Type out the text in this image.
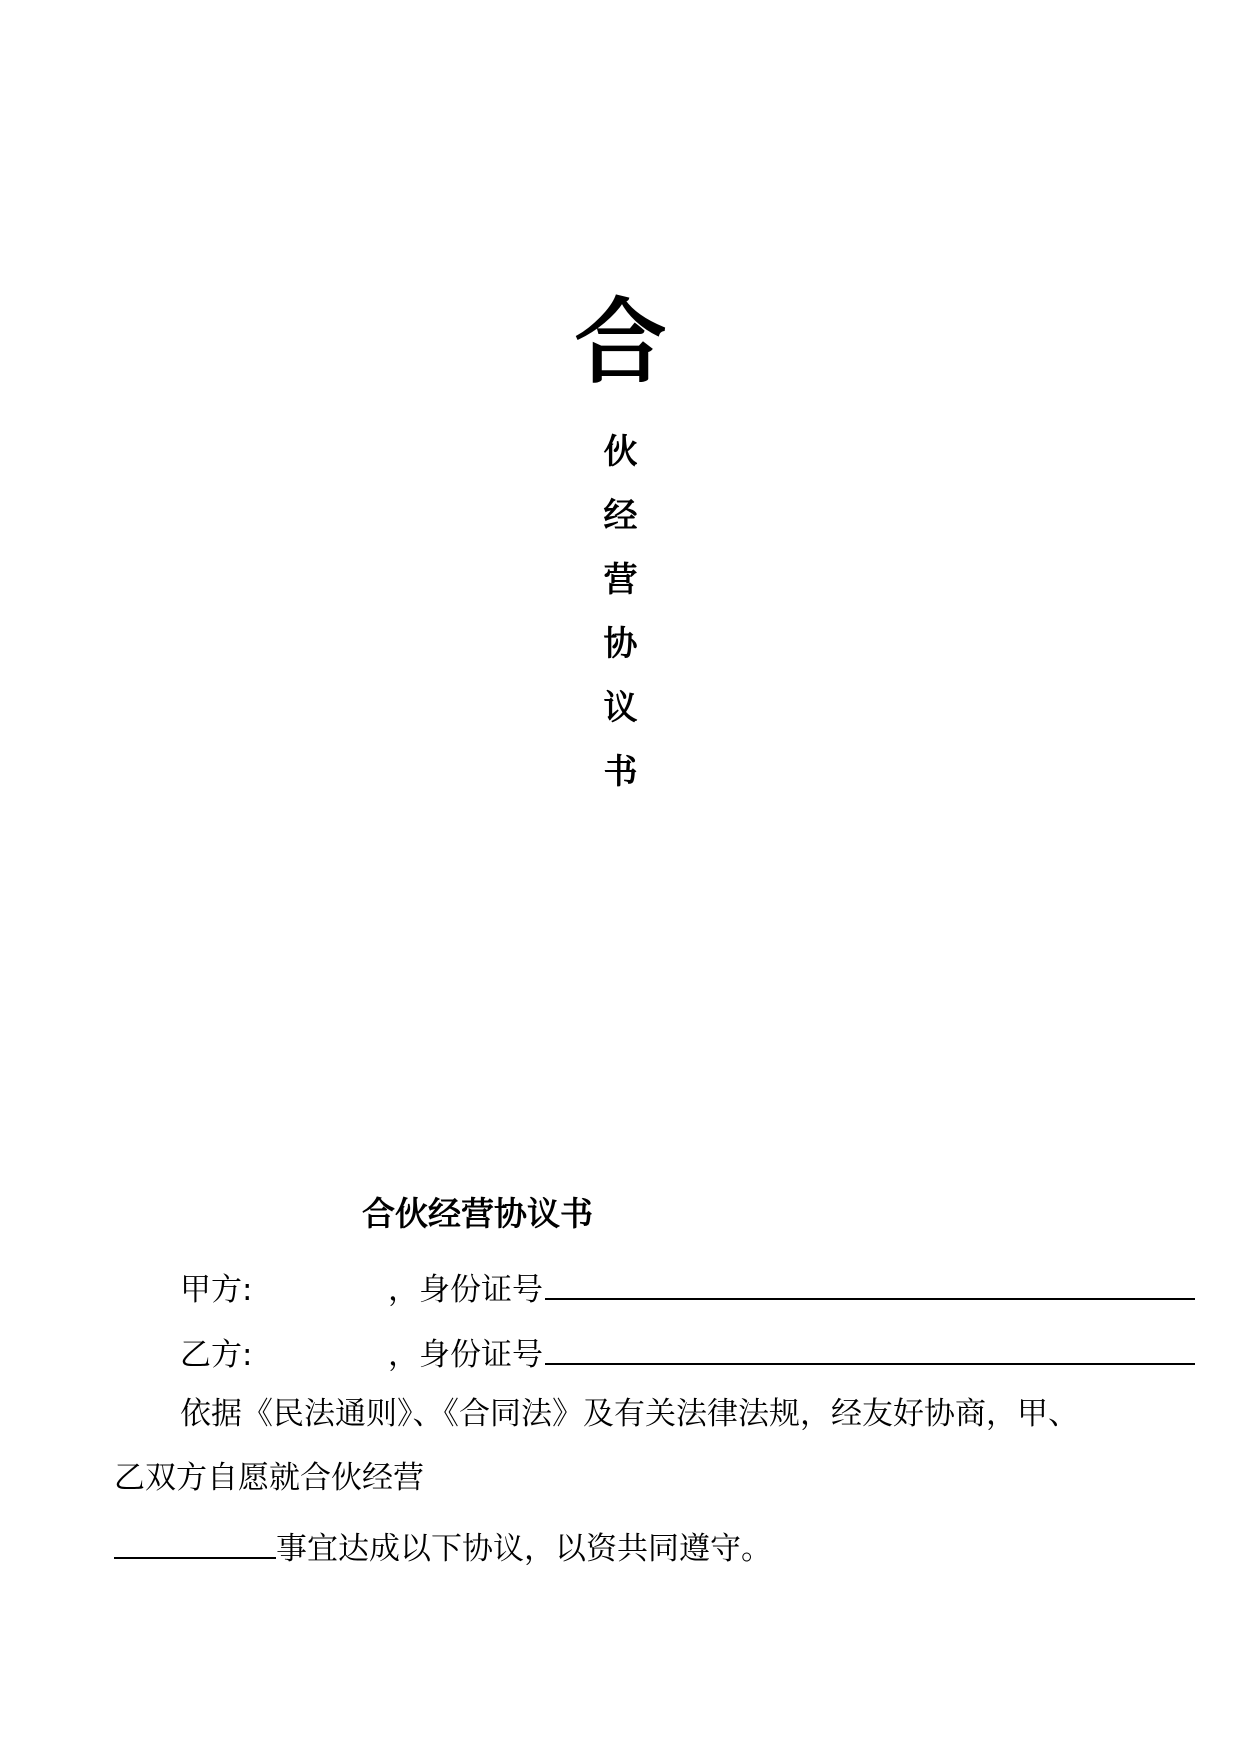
合
伙
经
营
协
议
书
合伙经营协议书
甲方:	，身份证号
乙方:	，身份证号
依据《民法通则》、《合同法》及有关法律法规，经友好协商，甲、
乙双方自愿就合伙经营
事宜达成以下协议，以资共同遵守。
